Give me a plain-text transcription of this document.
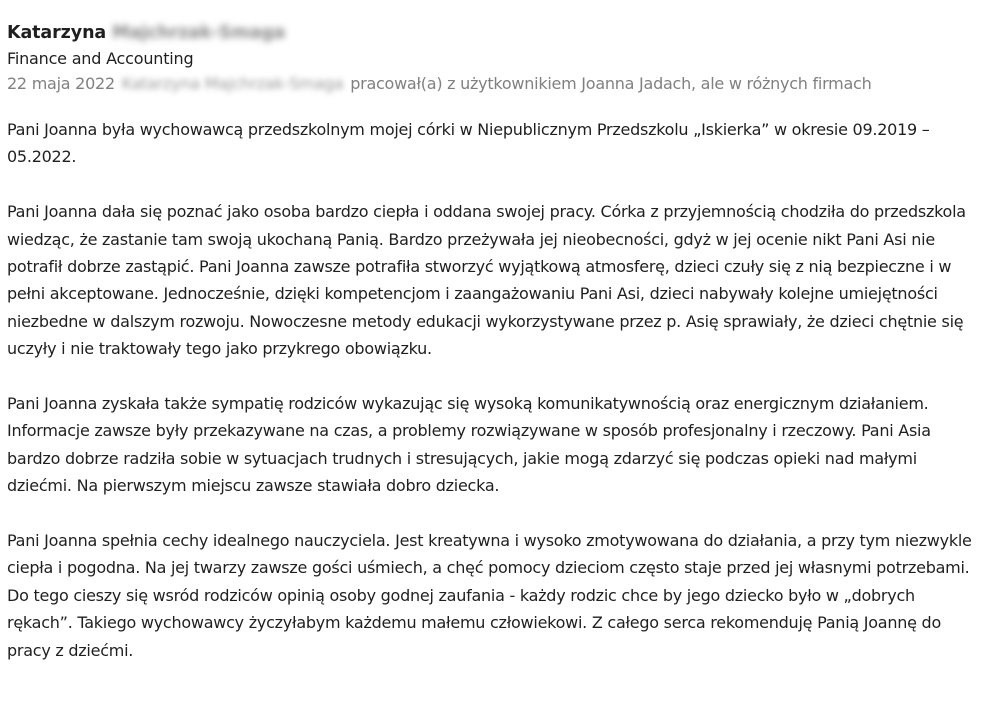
Katarzyna Majchrzak-Smaga
Finance and Accounting
22 maja 2022 Katarzyna Majchrzak-Smaga pracował(a) z użytkownikiem Joanna Jadach, ale w różnych firmach

Pani Joanna była wychowawcą przedszkolnym mojej córki w Niepublicznym Przedszkolu „Iskierka” w okresie 09.2019 – 05.2022.

Pani Joanna dała się poznać jako osoba bardzo ciepła i oddana swojej pracy. Córka z przyjemnością chodziła do przedszkola wiedząc, że zastanie tam swoją ukochaną Panią. Bardzo przeżywała jej nieobecności, gdyż w jej ocenie nikt Pani Asi nie potrafił dobrze zastąpić. Pani Joanna zawsze potrafiła stworzyć wyjątkową atmosferę, dzieci czuły się z nią bezpieczne i w pełni akceptowane. Jednocześnie, dzięki kompetencjom i zaangażowaniu Pani Asi, dzieci nabywały kolejne umiejętności niezbedne w dalszym rozwoju. Nowoczesne metody edukacji wykorzystywane przez p. Asię sprawiały, że dzieci chętnie się uczyły i nie traktowały tego jako przykrego obowiązku.

Pani Joanna zyskała także sympatię rodziców wykazując się wysoką komunikatywnością oraz energicznym działaniem. Informacje zawsze były przekazywane na czas, a problemy rozwiązywane w sposób profesjonalny i rzeczowy. Pani Asia bardzo dobrze radziła sobie w sytuacjach trudnych i stresujących, jakie mogą zdarzyć się podczas opieki nad małymi dziećmi. Na pierwszym miejscu zawsze stawiała dobro dziecka.

Pani Joanna spełnia cechy idealnego nauczyciela. Jest kreatywna i wysoko zmotywowana do działania, a przy tym niezwykle ciepła i pogodna. Na jej twarzy zawsze gości uśmiech, a chęć pomocy dzieciom często staje przed jej własnymi potrzebami. Do tego cieszy się wsród rodziców opinią osoby godnej zaufania - każdy rodzic chce by jego dziecko było w „dobrych rękach”. Takiego wychowawcy życzyłabym każdemu małemu człowiekowi. Z całego serca rekomenduję Panią Joannę do pracy z dziećmi.
